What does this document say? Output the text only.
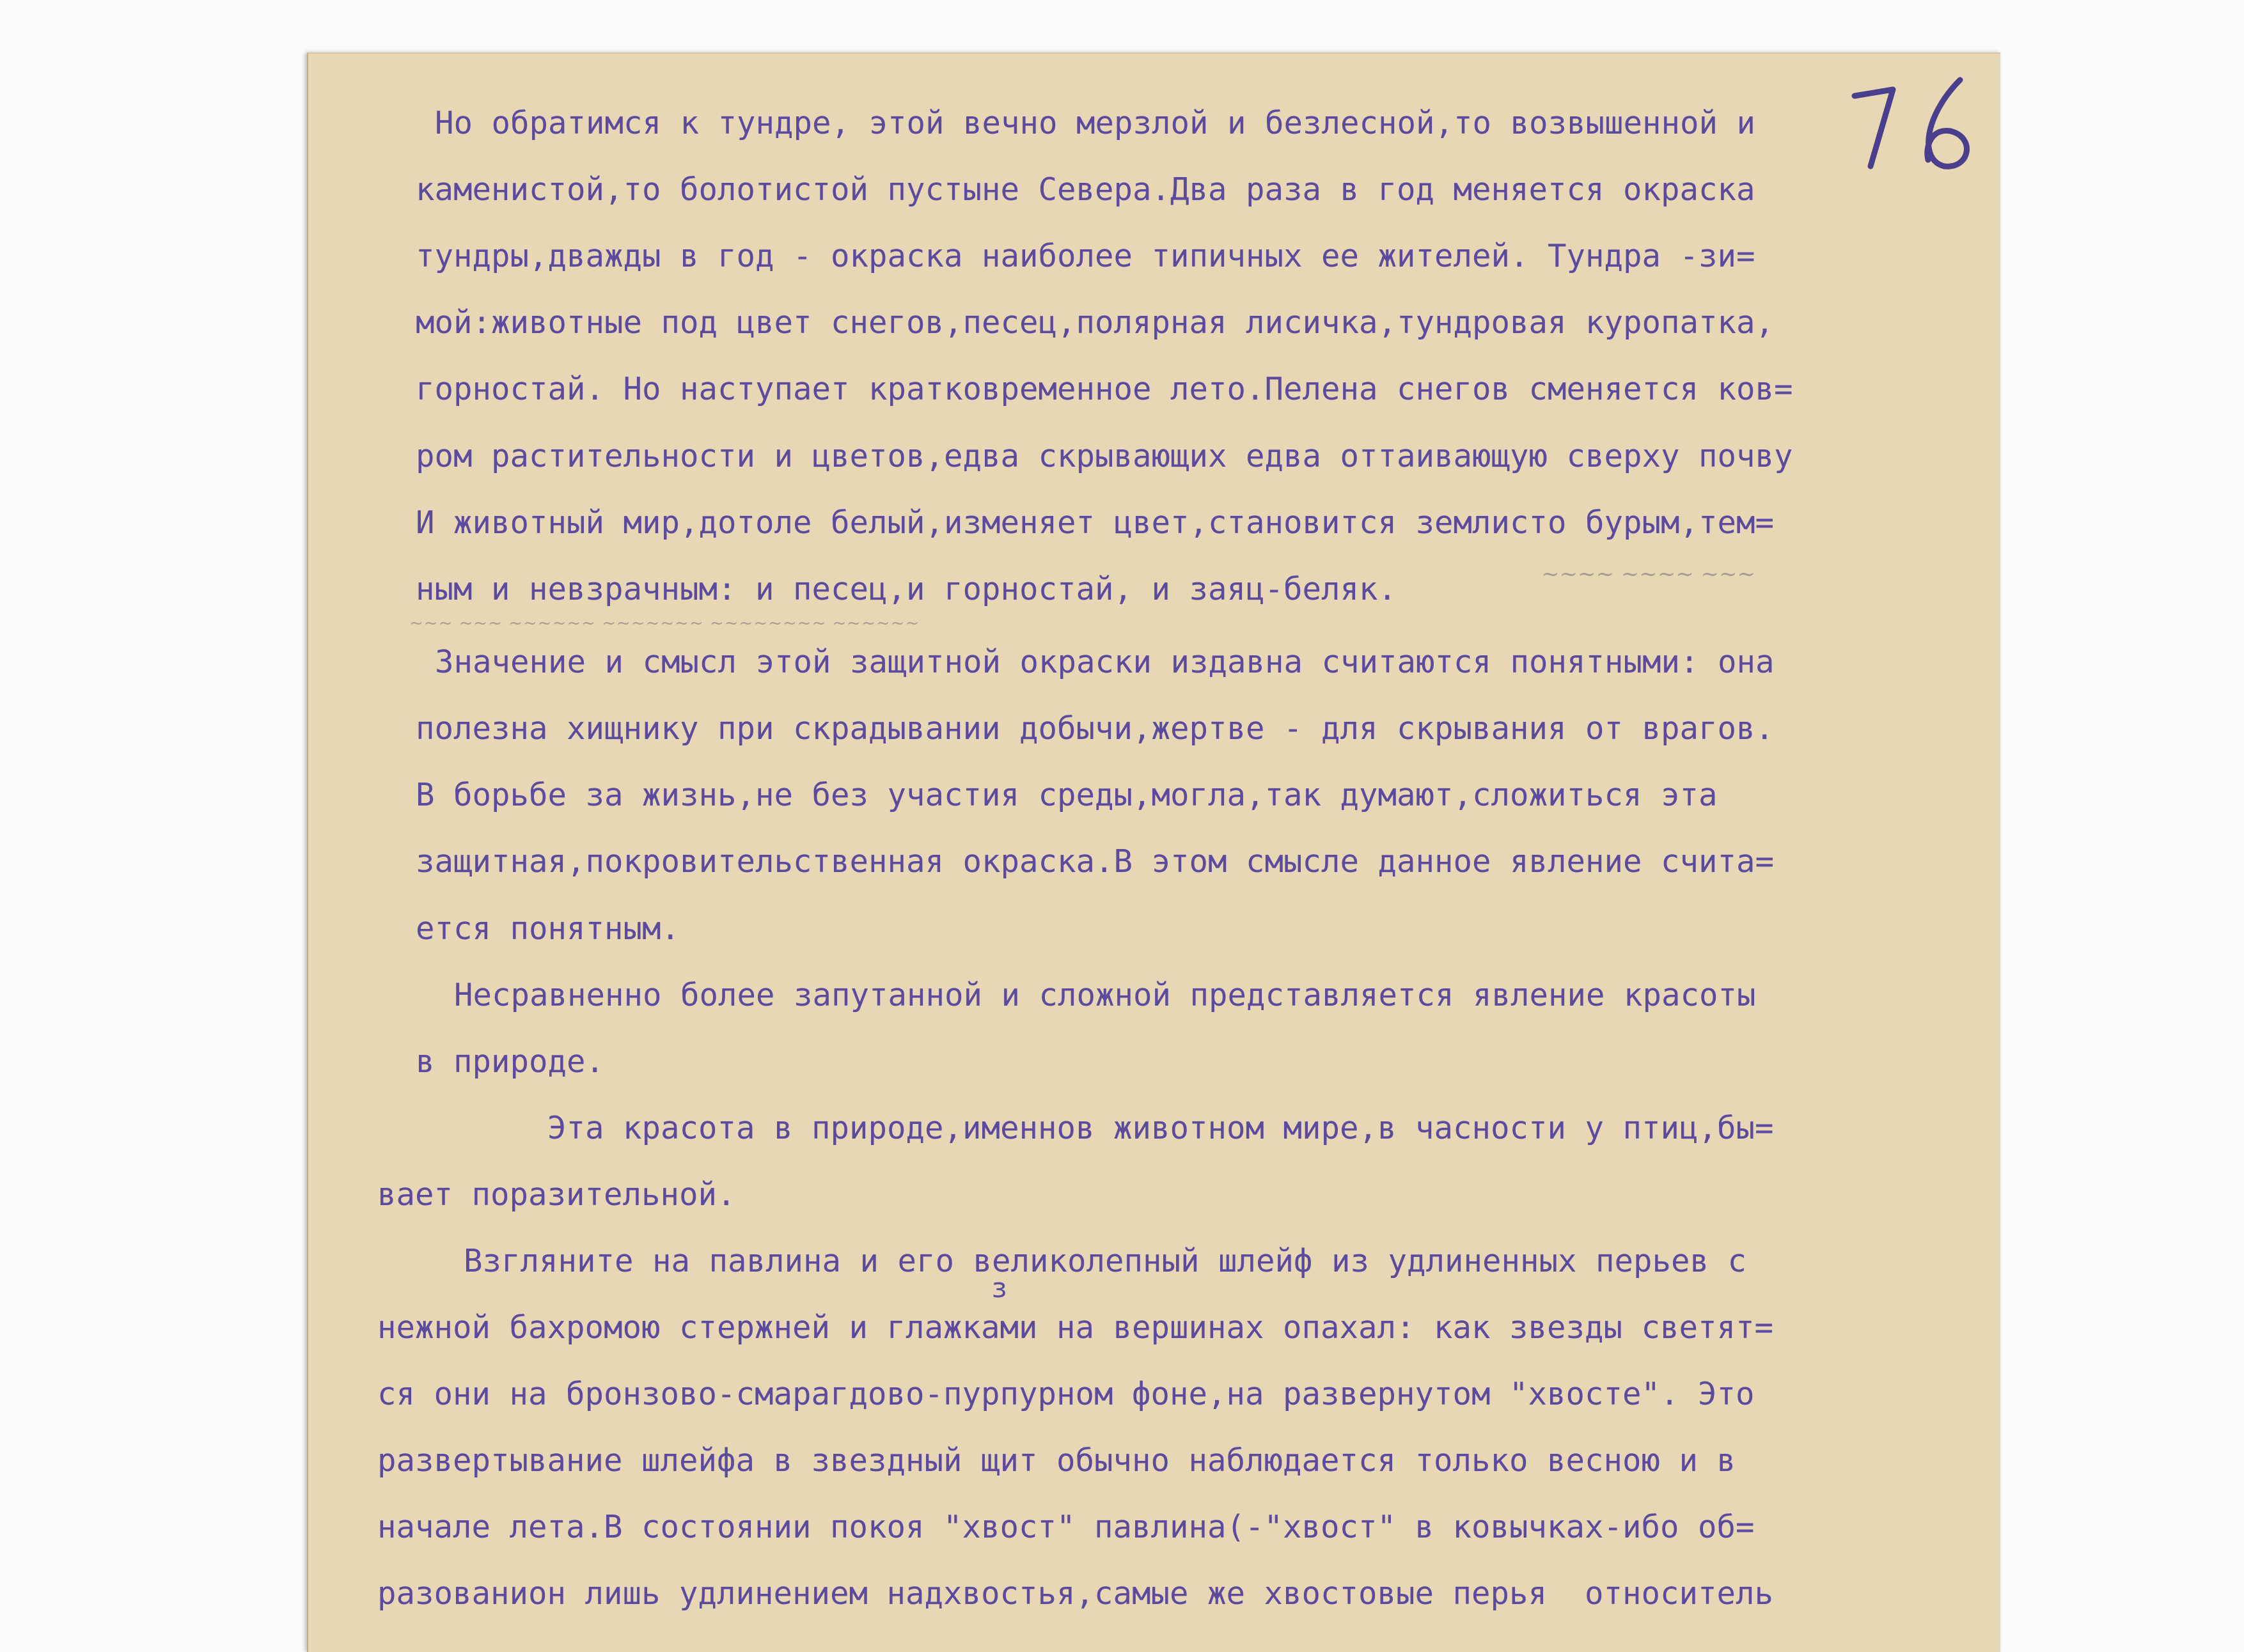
Но обратимся к тундре, этой вечно мерзлой и безлесной,то возвышенной и

каменистой,то болотистой пустыне Севера.Два раза в год меняется окраска

тундры,дважды в год - окраска наиболее типичных ее жителей. Тундра -зи=

мой:животные под цвет снегов,песец,полярная лисичка,тундровая куропатка,

горностай. Но наступает кратковременное лето.Пелена снегов сменяется ков=

ром растительности и цветов,едва скрывающих едва оттаивающую сверху почву

И животный мир,дотоле белый,изменяет цвет,становится землисто бурым,тем=

ным и невзрачным: и песец,и горностай, и заяц-беляк.	~~~~ ~~~~ ~~~

~~~ ~~~ ~~~~~~ ~~~~~~~ ~~~~~~~~ ~~~~~~

Значение и смысл этой защитной окраски издавна считаются понятными: она

полезна хищнику при скрадывании добычи,жертве - для скрывания от врагов.

В борьбе за жизнь,не без участия среды,могла,так думают,сложиться эта

защитная,покровительственная окраска.В этом смысле данное явление счита=

ется понятным.

Несравненно более запутанной и сложной представляется явление красоты

в природе.

Эта красота в природе,именнов животном мире,в часности у птиц,бы=

вает поразительной.

Взгляните на павлина и его великолепный шлейф из удлиненных перьев с

з

нежной бахромою стержней и глажками на вершинах опахал: как звезды светят=

ся они на бронзово-смарагдово-пурпурном фоне,на развернутом "хвосте". Это

развертывание шлейфа в звездный щит обычно наблюдается только весною и в

начале лета.В состоянии покоя "хвост" павлина(-"хвост" в ковычках-ибо об=

разованион лишь удлинением надхвостья,самые же хвостовые перья  относитель
